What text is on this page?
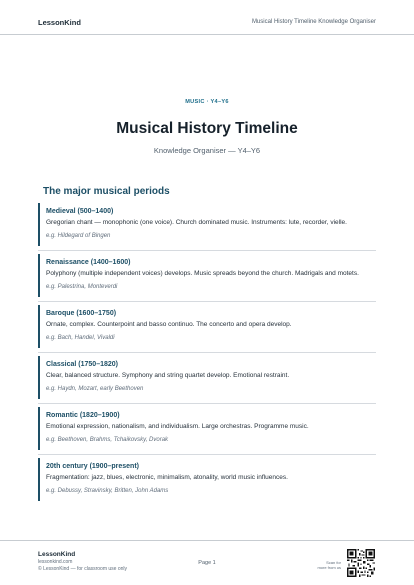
LessonKind	Musical History Timeline Knowledge Organiser
MUSIC · Y4–Y6
Musical History Timeline
Knowledge Organiser — Y4–Y6
The major musical periods
Medieval (500–1400)
Gregorian chant — monophonic (one voice). Church dominated music. Instruments: lute, recorder, vielle.
e.g. Hildegard of Bingen
Renaissance (1400–1600)
Polyphony (multiple independent voices) develops. Music spreads beyond the church. Madrigals and motets.
e.g. Palestrina, Monteverdi
Baroque (1600–1750)
Ornate, complex. Counterpoint and basso continuo. The concerto and opera develop.
e.g. Bach, Handel, Vivaldi
Classical (1750–1820)
Clear, balanced structure. Symphony and string quartet develop. Emotional restraint.
e.g. Haydn, Mozart, early Beethoven
Romantic (1820–1900)
Emotional expression, nationalism, and individualism. Large orchestras. Programme music.
e.g. Beethoven, Brahms, Tchaikovsky, Dvorak
20th century (1900–present)
Fragmentation: jazz, blues, electronic, minimalism, atonality, world music influences.
e.g. Debussy, Stravinsky, Britten, John Adams
LessonKind
lessonkind.com
© LessonKind — for classroom use only
Page 1	Scan for
more from us
